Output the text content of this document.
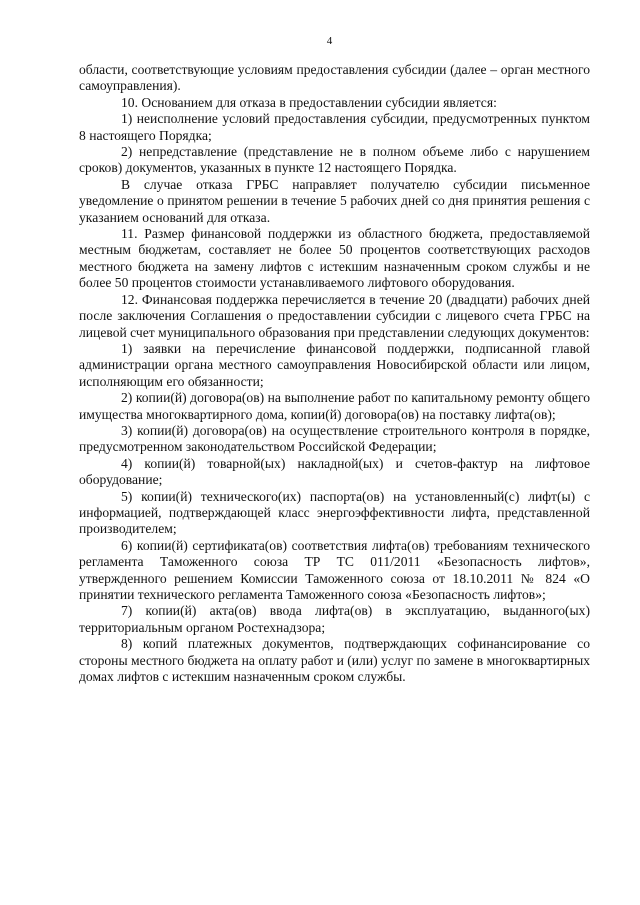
4

области, соответствующие условиям предоставления субсидии (далее – орган местного самоуправления).

10. Основанием для отказа в предоставлении субсидии является:

1) неисполнение условий предоставления субсидии, предусмотренных пунктом 8 настоящего Порядка;

2) непредставление (представление не в полном объеме либо с нарушением сроков) документов, указанных в пункте 12 настоящего Порядка.

В случае отказа ГРБС направляет получателю субсидии письменное уведомление о принятом решении в течение 5 рабочих дней со дня принятия решения с указанием оснований для отказа.

11. Размер финансовой поддержки из областного бюджета, предоставляемой местным бюджетам, составляет не более 50 процентов соответствующих расходов местного бюджета на замену лифтов с истекшим назначенным сроком службы и не более 50 процентов стоимости устанавливаемого лифтового оборудования.

12. Финансовая поддержка перечисляется в течение 20 (двадцати) рабочих дней после заключения Соглашения о предоставлении субсидии с лицевого счета ГРБС на лицевой счет муниципального образования при представлении следующих документов:

1) заявки на перечисление финансовой поддержки, подписанной главой администрации органа местного самоуправления Новосибирской области или лицом, исполняющим его обязанности;

2) копии(й) договора(ов) на выполнение работ по капитальному ремонту общего имущества многоквартирного дома, копии(й) договора(ов) на поставку лифта(ов);

3) копии(й) договора(ов) на осуществление строительного контроля в порядке, предусмотренном законодательством Российской Федерации;

4) копии(й) товарной(ых) накладной(ых) и счетов-фактур на лифтовое оборудование;

5) копии(й) технического(их) паспорта(ов) на установленный(с) лифт(ы) с информацией, подтверждающей класс энергоэффективности лифта, представленной производителем;

6) копии(й) сертификата(ов) соответствия лифта(ов) требованиям технического регламента Таможенного союза ТР ТС 011/2011 «Безопасность лифтов», утвержденного решением Комиссии Таможенного союза от 18.10.2011 № 824 «О принятии технического регламента Таможенного союза «Безопасность лифтов»;

7) копии(й) акта(ов) ввода лифта(ов) в эксплуатацию, выданного(ых) территориальным органом Ростехнадзора;

8) копий платежных документов, подтверждающих софинансирование со стороны местного бюджета на оплату работ и (или) услуг по замене в многоквартирных домах лифтов с истекшим назначенным сроком службы.
